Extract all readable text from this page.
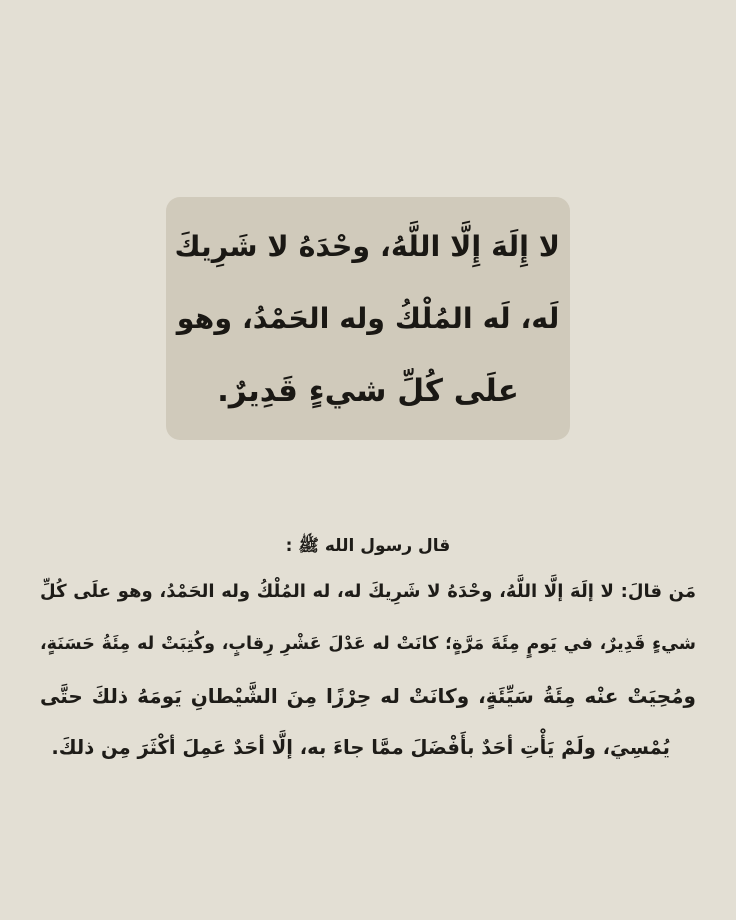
لا إِلَهَ إِلَّا اللَّهُ، وحْدَهُ لا شَرِيكَ
لَه، لَه المُلْكُ وله الحَمْدُ، وهو
علَى كُلِّ شيءٍ قَدِيرٌ.
قال رسول الله ﷺ :
مَن قالَ: لا إلَهَ إلَّا اللَّهُ، وحْدَهُ لا شَرِيكَ له، له المُلْكُ وله الحَمْدُ، وهو علَى كُلِّ
شيءٍ قَدِيرٌ، في يَومٍ مِئَةَ مَرَّةٍ؛ كانَتْ له عَدْلَ عَشْرِ رِقابٍ، وكُتِبَتْ له مِئَةُ حَسَنَةٍ،
ومُحِيَتْ عنْه مِئَةُ سَيِّئَةٍ، وكانَتْ له حِرْزًا مِنَ الشَّيْطانِ يَومَهُ ذلكَ حتَّى
يُمْسِيَ، ولَمْ يَأْتِ أحَدٌ بأَفْضَلَ ممَّا جاءَ به، إلَّا أحَدٌ عَمِلَ أكْثَرَ مِن ذلكَ.
